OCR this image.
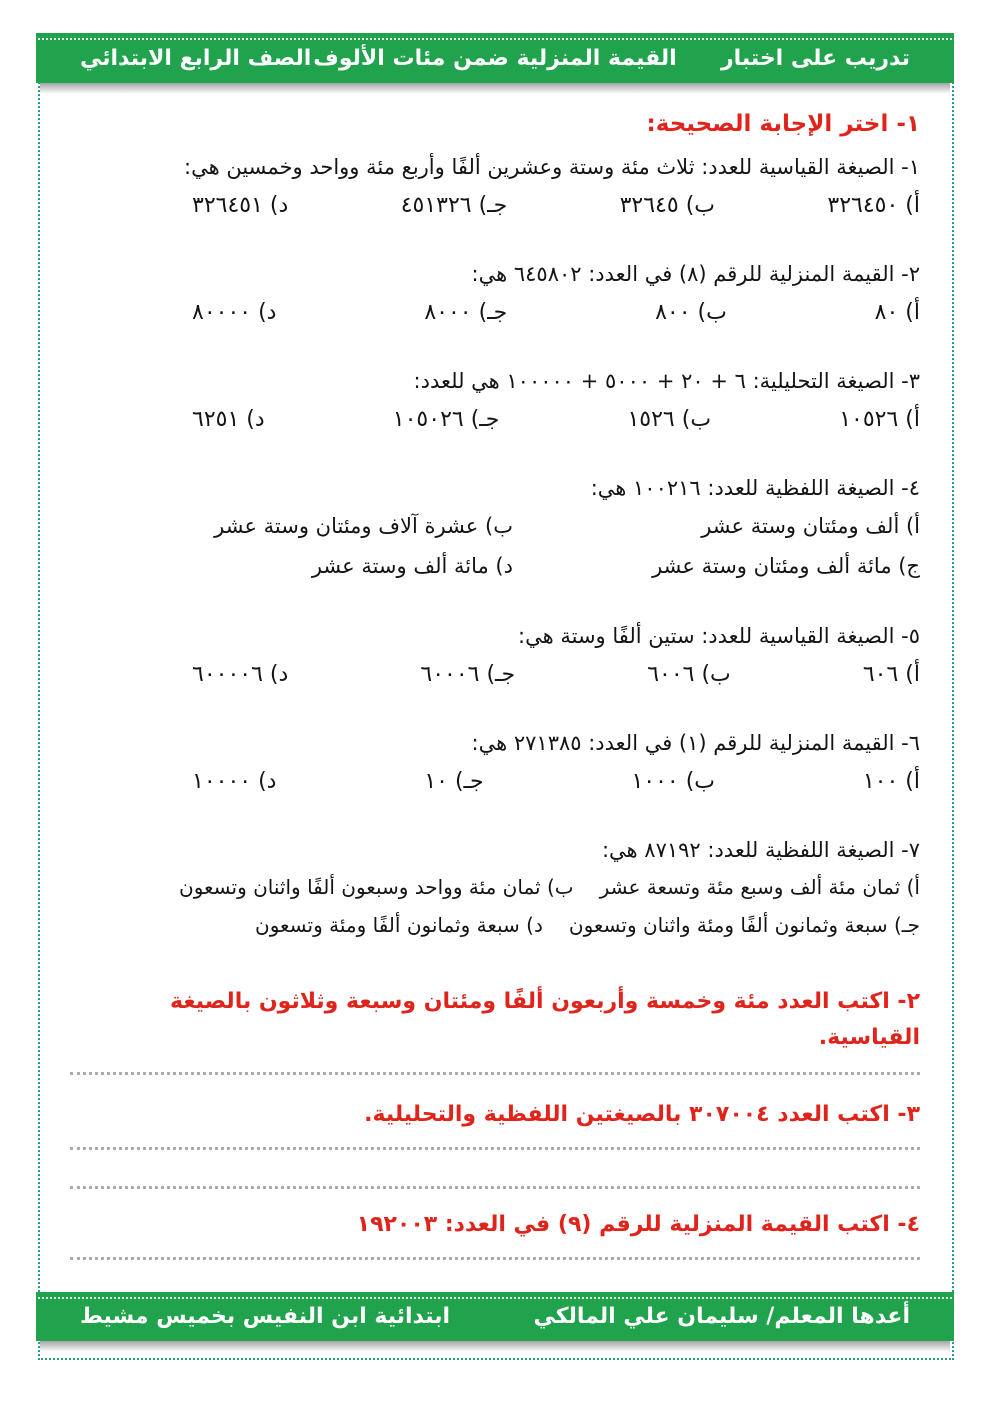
تدريب على اختبار
القيمة المنزلية ضمن مئات الألوف
الصف الرابع الابتدائي
١- اختر الإجابة الصحيحة:
١- الصيغة القياسية للعدد: ثلاث مئة وستة وعشرين ألفًا وأربع مئة وواحد وخمسين هي:
أ) ٣٢٦٤٥٠
ب) ٣٢٦٤٥
جـ) ٤٥١٣٢٦
د) ٣٢٦٤٥١
٢- القيمة المنزلية للرقم (٨) في العدد: ٦٤٥٨٠٢ هي:
أ) ٨٠
ب) ٨٠٠
جـ) ٨٠٠٠
د) ٨٠٠٠٠
٣- الصيغة التحليلية: ٦ + ٢٠ + ٥٠٠٠ + ١٠٠٠٠٠ هي للعدد:
أ) ١٠٥٢٦
ب) ١٥٢٦
جـ) ١٠٥٠٢٦
د) ٦٢٥١
٤- الصيغة اللفظية للعدد: ١٠٠٢١٦ هي:
أ) ألف ومئتان وستة عشر
ب) عشرة آلاف ومئتان وستة عشر
ج) مائة ألف ومئتان وستة عشر
د) مائة ألف وستة عشر
٥- الصيغة القياسية للعدد: ستين ألفًا وستة هي:
أ) ٦٠٦
ب) ٦٠٠٦
جـ) ٦٠٠٠٦
د) ٦٠٠٠٠٦
٦- القيمة المنزلية للرقم (١) في العدد: ٢٧١٣٨٥ هي:
أ) ١٠٠
ب) ١٠٠٠
جـ) ١٠
د) ١٠٠٠٠
٧- الصيغة اللفظية للعدد: ٨٧١٩٢ هي:
أ) ثمان مئة ألف وسبع مئة وتسعة عشر
ب) ثمان مئة وواحد وسبعون ألفًا واثنان وتسعون
جـ) سبعة وثمانون ألفًا ومئة واثنان وتسعون
د) سبعة وثمانون ألفًا ومئة وتسعون
٢- اكتب العدد مئة وخمسة وأربعون ألفًا ومئتان وسبعة وثلاثون بالصيغة القياسية.
٣- اكتب العدد ٣٠٧٠٠٤ بالصيغتين اللفظية والتحليلية.
٤- اكتب القيمة المنزلية للرقم (٩) في العدد: ١٩٢٠٠٣
أعدها المعلم/ سليمان علي المالكي
ابتدائية ابن النفيس بخميس مشيط
